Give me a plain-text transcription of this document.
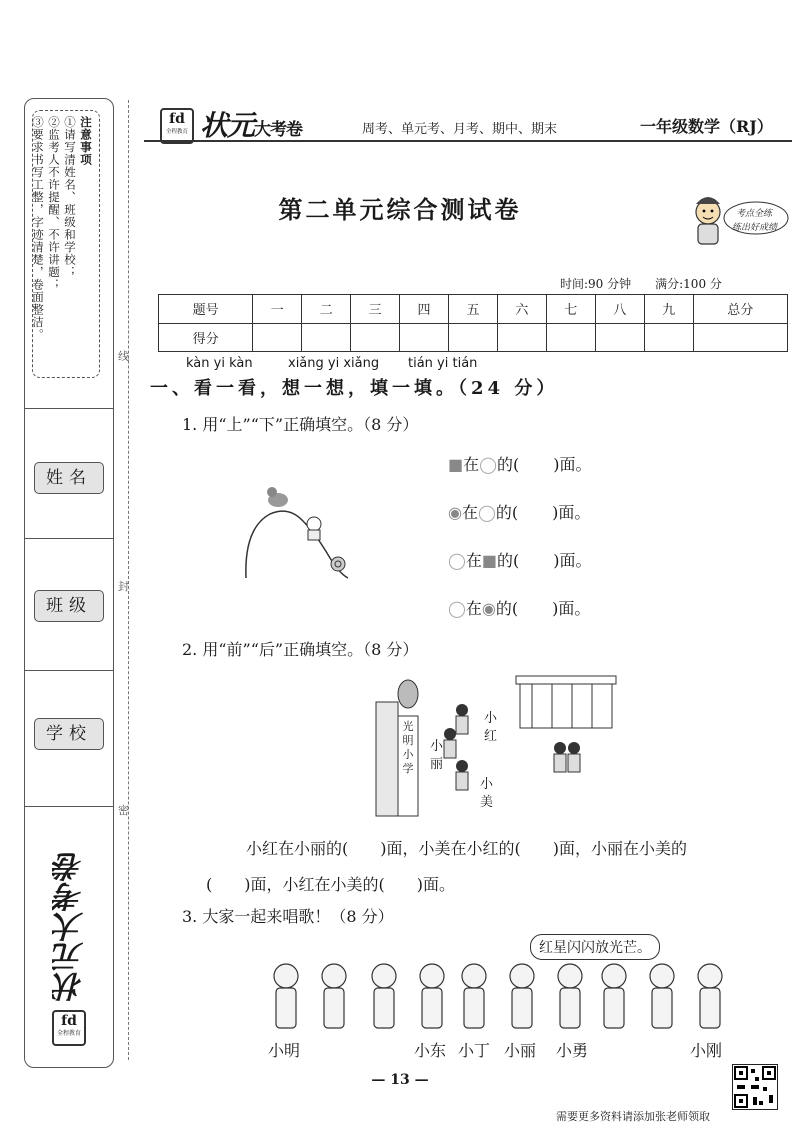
注意事项
①请写清姓名、班级和学校；
②监考人不许提醒、不许讲题；
③要求书写工整，字迹清楚，卷面整洁。
姓名
班级
学校
状元大考卷
fd
全程教育
线
封
密
fd
全程教育 状元大考卷	周考、单元考、月考、期中、期末	一年级数学（RJ）
第二单元综合测试卷	考点全练
练出好成绩
时间:90 分钟　　满分:100 分
题号	一	二	三	四	五	六	七	八	九	总分
得分										
kàn yi kàn	xiǎng yi xiǎng tián yi tián
一、看一看，想一想，填一填。（24 分）
1. 用“上”“下”正确填空。（8 分）
■在◯的( )面。
◉在◯的( )面。
◯在■的( )面。
◯在◉的( )面。
2. 用“前”“后”正确填空。（8 分）
光明小学
小红
小丽
小美
小红在小丽的(　　)面，小美在小红的(　　)面，小丽在小美的
(　　)面，小红在小美的(　　)面。
3. 大家一起来唱歌！（8 分）
红星闪闪放光芒。
小明	小东 小丁 小丽 小勇	小刚
— 13 —
需要更多资料请添加张老师领取
